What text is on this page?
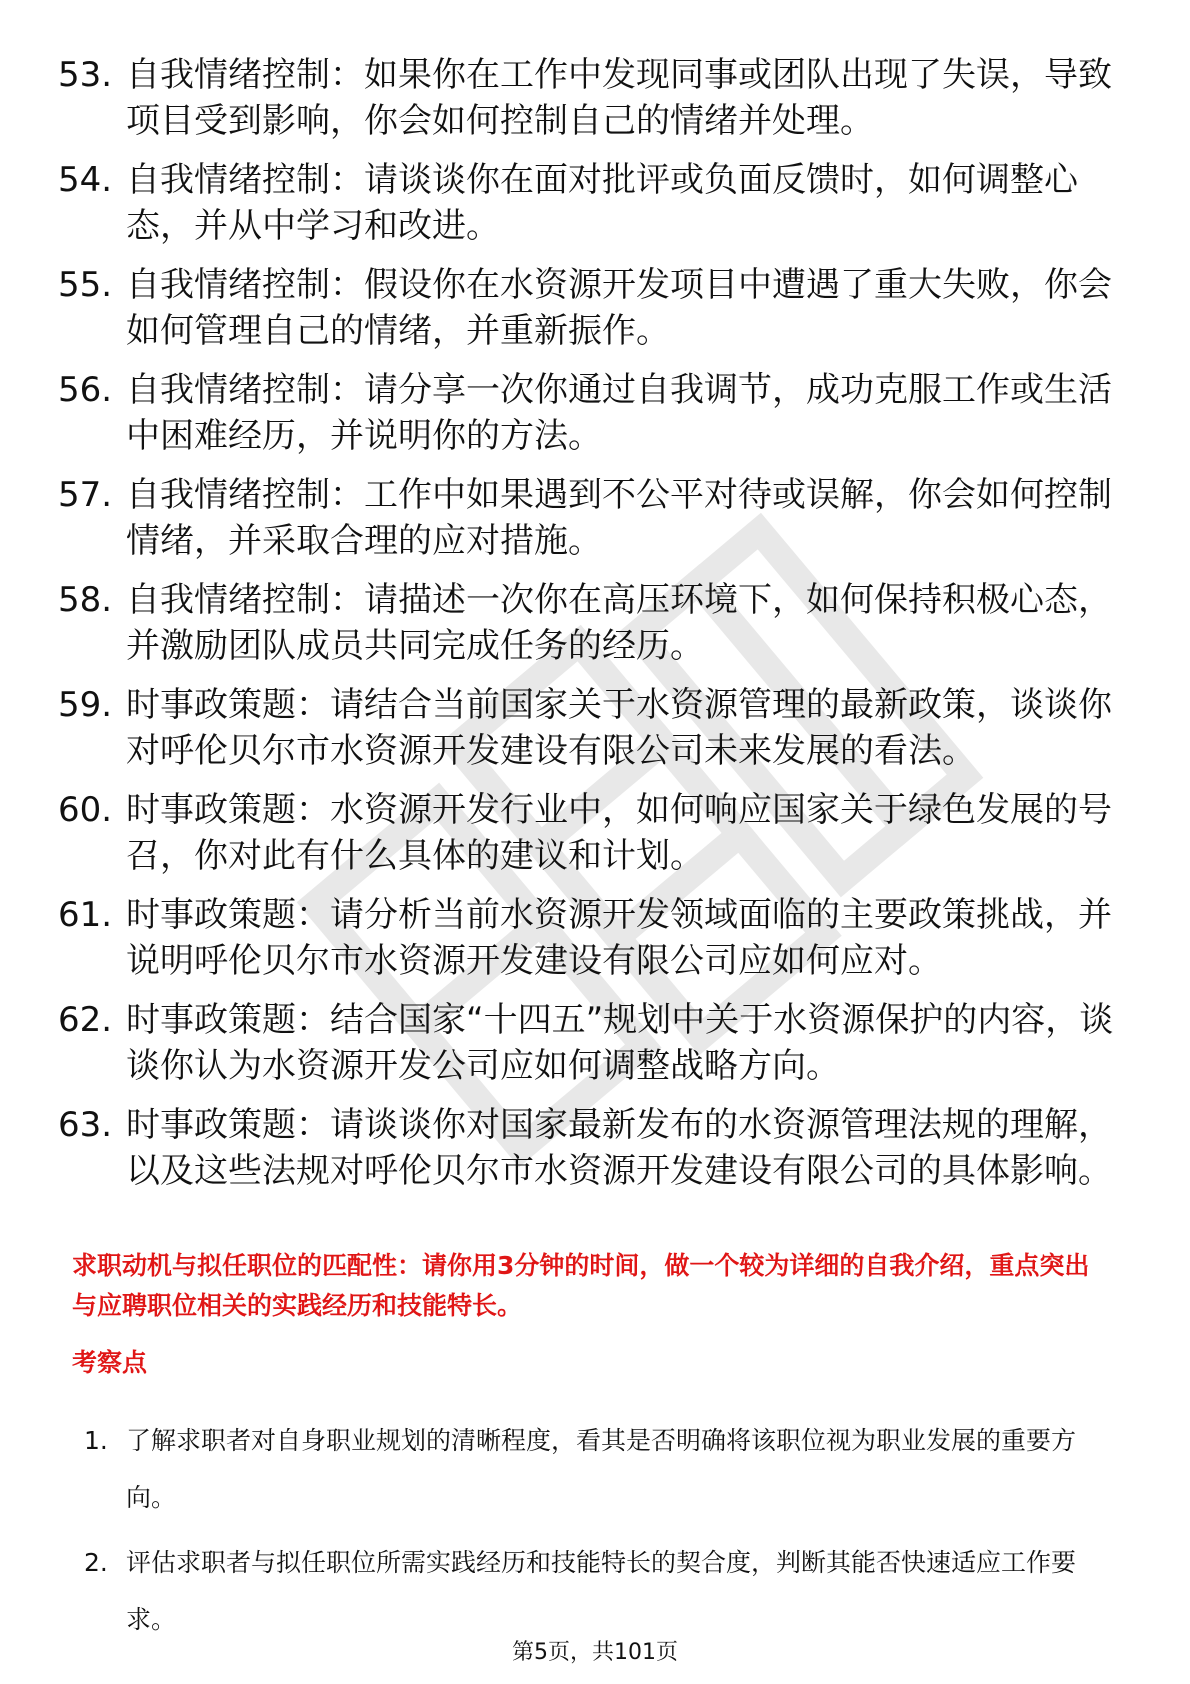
53. 自我情绪控制：如果你在工作中发现同事或团队出现了失误，导致项目受到影响，你会如何控制自己的情绪并处理。
54. 自我情绪控制：请谈谈你在面对批评或负面反馈时，如何调整心态，并从中学习和改进。
55. 自我情绪控制：假设你在水资源开发项目中遭遇了重大失败，你会如何管理自己的情绪，并重新振作。
56. 自我情绪控制：请分享一次你通过自我调节，成功克服工作或生活中困难经历，并说明你的方法。
57. 自我情绪控制：工作中如果遇到不公平对待或误解，你会如何控制情绪，并采取合理的应对措施。
58. 自我情绪控制：请描述一次你在高压环境下，如何保持积极心态，并激励团队成员共同完成任务的经历。
59. 时事政策题：请结合当前国家关于水资源管理的最新政策，谈谈你对呼伦贝尔市水资源开发建设有限公司未来发展的看法。
60. 时事政策题：水资源开发行业中，如何响应国家关于绿色发展的号召，你对此有什么具体的建议和计划。
61. 时事政策题：请分析当前水资源开发领域面临的主要政策挑战，并说明呼伦贝尔市水资源开发建设有限公司应如何应对。
62. 时事政策题：结合国家“十四五”规划中关于水资源保护的内容，谈谈你认为水资源开发公司应如何调整战略方向。
63. 时事政策题：请谈谈你对国家最新发布的水资源管理法规的理解，以及这些法规对呼伦贝尔市水资源开发建设有限公司的具体影响。

求职动机与拟任职位的匹配性：请你用3分钟的时间，做一个较为详细的自我介绍，重点突出与应聘职位相关的实践经历和技能特长。

考察点

1. 了解求职者对自身职业规划的清晰程度，看其是否明确将该职位视为职业发展的重要方向。
2. 评估求职者与拟任职位所需实践经历和技能特长的契合度，判断其能否快速适应工作要求。
第5页，共101页
